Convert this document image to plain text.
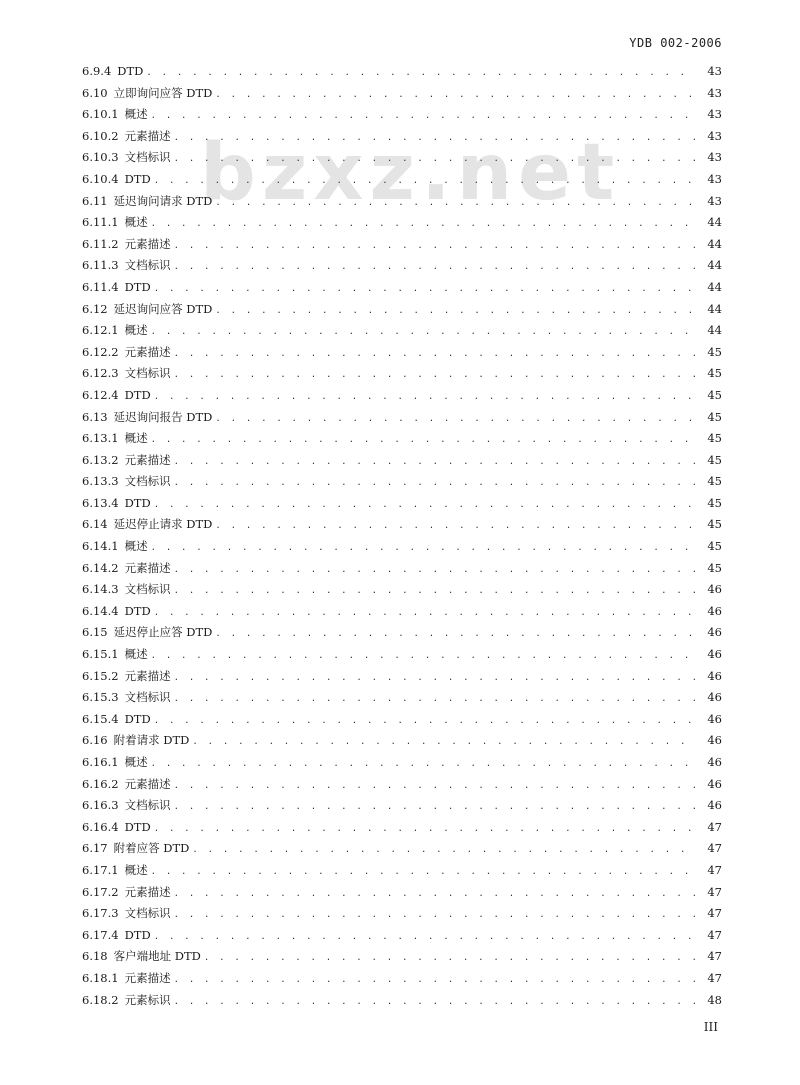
YDB 002-2006
bzxz.net
6.9.4 DTD . . .	43
6.10 立即询问应答 DTD . . .	43
6.10.1 概述 . . .	43
6.10.2 元素描述 . . .	43
6.10.3 文档标识 . . .	43
6.10.4 DTD . . .	43
6.11 延迟询问请求 DTD . . .	43
6.11.1 概述 . . .	44
6.11.2 元素描述 . . .	44
6.11.3 文档标识 . . .	44
6.11.4 DTD . . .	44
6.12 延迟询问应答 DTD . . .	44
6.12.1 概述 . . .	44
6.12.2 元素描述 . . .	45
6.12.3 文档标识 . . .	45
6.12.4 DTD . . .	45
6.13 延迟询问报告 DTD . . .	45
6.13.1 概述 . . .	45
6.13.2 元素描述 . . .	45
6.13.3 文档标识 . . .	45
6.13.4 DTD . . .	45
6.14 延迟停止请求 DTD . . .	45
6.14.1 概述 . . .	45
6.14.2 元素描述 . . .	45
6.14.3 文档标识 . . .	46
6.14.4 DTD . . .	46
6.15 延迟停止应答 DTD . . .	46
6.15.1 概述 . . .	46
6.15.2 元素描述 . . .	46
6.15.3 文档标识 . . .	46
6.15.4 DTD . . .	46
6.16 附着请求 DTD . . .	46
6.16.1 概述 . . .	46
6.16.2 元素描述 . . .	46
6.16.3 文档标识 . . .	46
6.16.4 DTD . . .	47
6.17 附着应答 DTD . . .	47
6.17.1 概述 . . .	47
6.17.2 元素描述 . . .	47
6.17.3 文档标识 . . .	47
6.17.4 DTD . . .	47
6.18 客户端地址 DTD . . .	47
6.18.1 元素描述 . . .	47
6.18.2 元素标识 . . .	48
III
